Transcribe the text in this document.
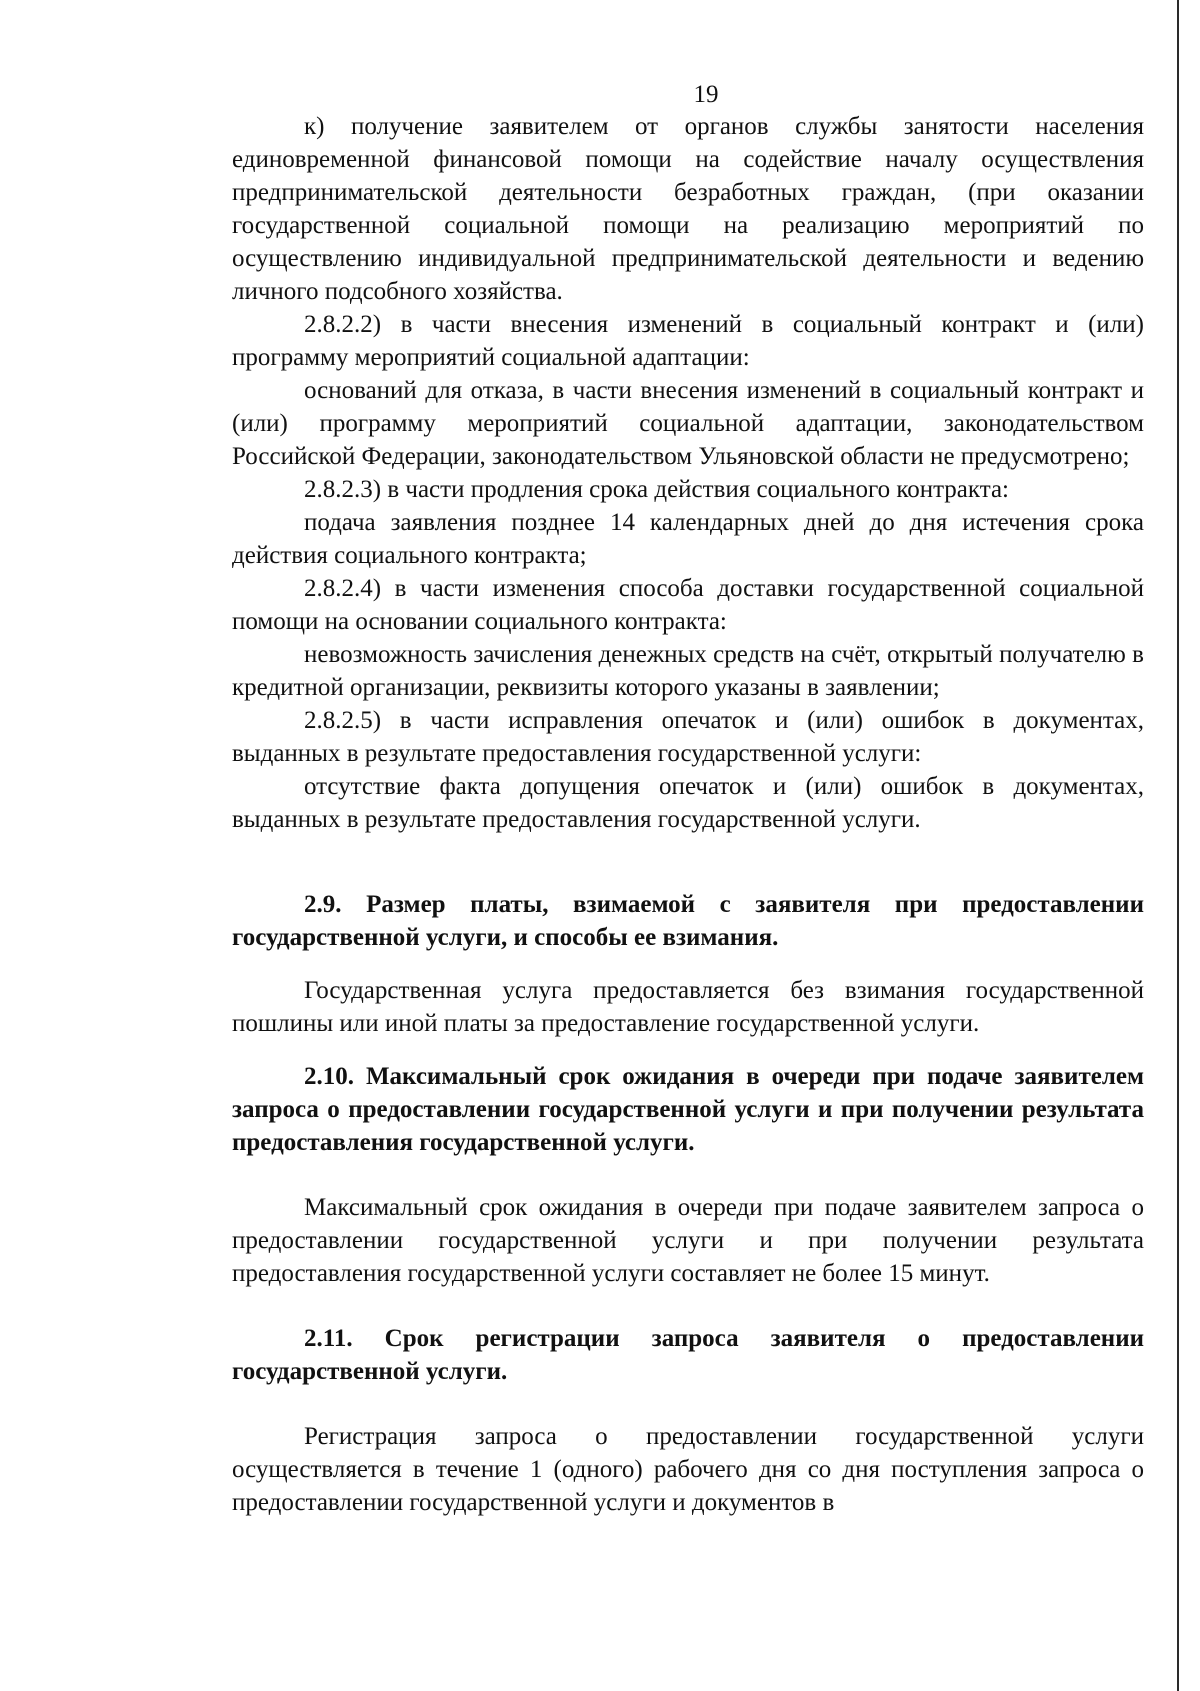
19

к) получение заявителем от органов службы занятости населения единовременной финансовой помощи на содействие началу осуществления предпринимательской деятельности безработных граждан, (при оказании государственной социальной помощи на реализацию мероприятий по осуществлению индивидуальной предпринимательской деятельности и ведению личного подсобного хозяйства.

2.8.2.2) в части внесения изменений в социальный контракт и (или) программу мероприятий социальной адаптации:

оснований для отказа, в части внесения изменений в социальный контракт и (или) программу мероприятий социальной адаптации, законодательством Российской Федерации, законодательством Ульяновской области не предусмотрено;

2.8.2.3) в части продления срока действия социального контракта:

подача заявления позднее 14 календарных дней до дня истечения срока действия социального контракта;

2.8.2.4) в части изменения способа доставки государственной социальной помощи на основании социального контракта:

невозможность зачисления денежных средств на счёт, открытый получателю в кредитной организации, реквизиты которого указаны в заявлении;

2.8.2.5) в части исправления опечаток и (или) ошибок в документах, выданных в результате предоставления государственной услуги:

отсутствие факта допущения опечаток и (или) ошибок в документах, выданных в результате предоставления государственной услуги.

2.9. Размер платы, взимаемой с заявителя при предоставлении государственной услуги, и способы ее взимания.

Государственная услуга предоставляется без взимания государственной пошлины или иной платы за предоставление государственной услуги.

2.10. Максимальный срок ожидания в очереди при подаче заявителем запроса о предоставлении государственной услуги и при получении результата предоставления государственной услуги.

Максимальный срок ожидания в очереди при подаче заявителем запроса о предоставлении государственной услуги и при получении результата предоставления государственной услуги составляет не более 15 минут.

2.11. Срок регистрации запроса заявителя о предоставлении государственной услуги.

Регистрация запроса о предоставлении государственной услуги осуществляется в течение 1 (одного) рабочего дня со дня поступления запроса о предоставлении государственной услуги и документов в
